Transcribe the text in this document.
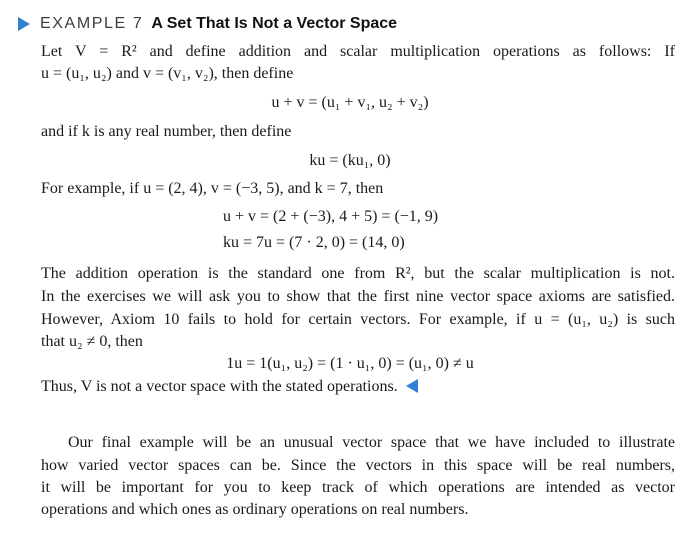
EXAMPLE 7 A Set That Is Not a Vector Space
Let V = R² and define addition and scalar multiplication operations as follows: If
u = (u₁, u₂) and v = (v₁, v₂), then define
u + v = (u₁ + v₁, u₂ + v₂)
and if k is any real number, then define
ku = (ku₁, 0)
For example, if u = (2, 4), v = (−3, 5), and k = 7, then
u + v = (2 + (−3), 4 + 5) = (−1, 9)
ku = 7u = (7 · 2, 0) = (14, 0)
The addition operation is the standard one from R², but the scalar multiplication is not.
In the exercises we will ask you to show that the first nine vector space axioms are satisfied.
However, Axiom 10 fails to hold for certain vectors. For example, if u = (u₁, u₂) is such
that u₂ ≠ 0, then
1u = 1(u₁, u₂) = (1 · u₁, 0) = (u₁, 0) ≠ u
Thus, V is not a vector space with the stated operations.
Our final example will be an unusual vector space that we have included to illustrate
how varied vector spaces can be. Since the vectors in this space will be real numbers,
it will be important for you to keep track of which operations are intended as vector
operations and which ones as ordinary operations on real numbers.
